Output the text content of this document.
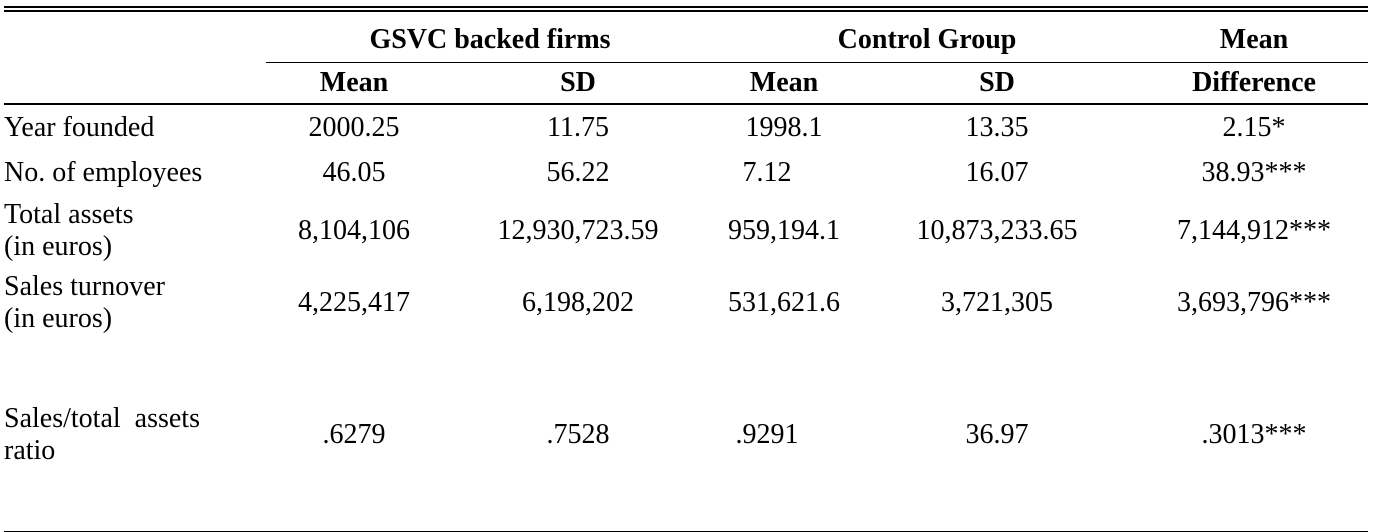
	GSVC backed firms		Control Group		Mean
	Mean	SD	Mean	SD	Difference

Year founded	2000.25	11.75	1998.1	13.35	2.15*

No. of employees	46.05	56.22	7.12	16.07	38.93***

Total assets
(in euros)	8,104,106	12,930,723.59	959,194.1	10,873,233.65	7,144,912***

Sales turnover
(in euros)	4,225,417	6,198,202	531,621.6	3,721,305	3,693,796***

Sales/total  assets
ratio	.6279	.7528	.9291	36.97	.3013***
